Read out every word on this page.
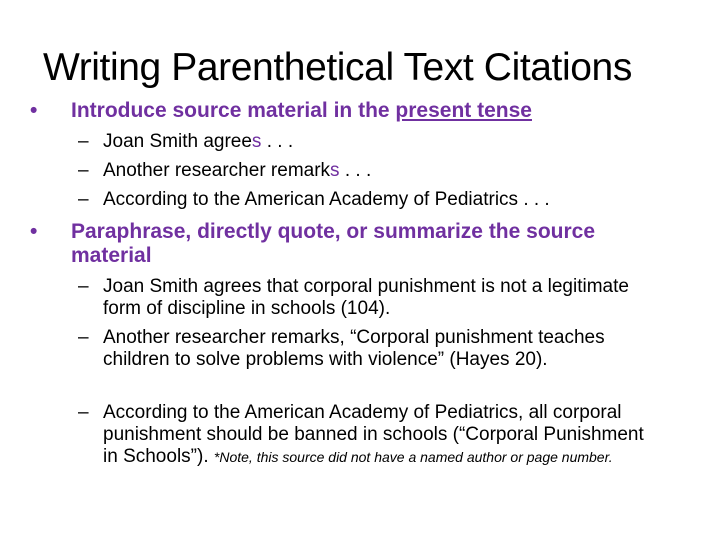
Writing Parenthetical Text Citations
• Introduce source material in the present tense
– Joan Smith agrees . . .
– Another researcher remarks . . .
– According to the American Academy of Pediatrics . . .
• Paraphrase, directly quote, or summarize the source material
– Joan Smith agrees that corporal punishment is not a legitimate form of discipline in schools (104).
– Another researcher remarks, “Corporal punishment teaches children to solve problems with violence” (Hayes 20).
– According to the American Academy of Pediatrics, all corporal punishment should be banned in schools (“Corporal Punishment in Schools”). *Note, this source did not have a named author or page number.
